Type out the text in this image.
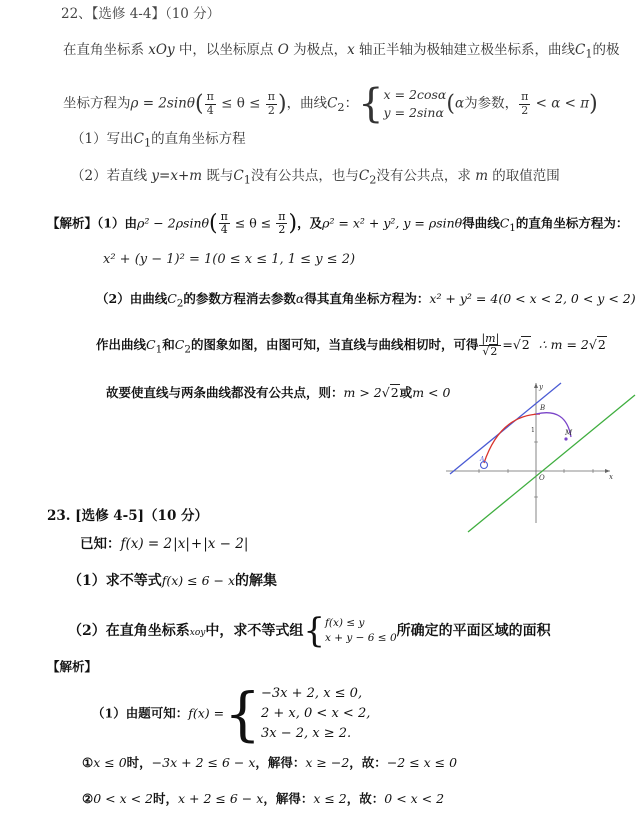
22、【选修 4-4】（10 分）
在直角坐标系 xOy 中，以坐标原点 O 为极点，x 轴正半轴为极轴建立极坐标系，曲线$C_1$的极
坐标方程为$\rho = 2\sin\theta( \frac{\pi}{4} \le \theta \le \frac{\pi}{2}$ )，曲线$C_2$：{ x = 2cosα
y = 2sinα (α为参数， $\frac{\pi}{2} < \alpha < \pi$)
（1）写出$C_1$的直角坐标方程
（2）若直线 y=x+m 既与$C_1$没有公共点，也与$C_2$没有公共点，求 m 的取值范围
【解析】（1）由$\rho^2 - 2\rho\sin\theta( \frac{\pi}{4} \le \theta \le \frac{\pi}{2}$ )，及ρ² = x² + y², y = ρsinθ得曲线$C_1$的直角坐标方程为：
x² + (y − 1)² = 1(0 ≤ x ≤ 1, 1 ≤ y ≤ 2)
（2）由曲线$C_2$的参数方程消去参数α得其直角坐标方程为：x² + y² = 4(0 < x < 2, 0 < y < 2)
作出曲线$C_1$和$C_2$的图象如图，由图可知，当直线与曲线相切时，可得 $\frac{|m|}{√2} =√2$ ∴ m = 2√2
故要使直线与两条曲线都没有公共点，则：m > 2√2或m < 0	y
x
B
M
O
A
1
23. [选修 4-5]（10 分）
已知：f(x) = 2|x|+|x − 2|
（1）求不等式f(x) ≤ 6 − x的解集
（2）在直角坐标系xoy中，求不等式组{ f(x) ≤ y
x + y − 6 ≤ 0 所确定的平面区域的面积
【解析】
（1）由题可知：f(x) ={ −3x + 2, x ≤ 0,
2 + x, 0 < x < 2,
3x − 2, x ≥ 2.
①x ≤ 0时，−3x + 2 ≤ 6 − x，解得：x ≥ −2，故：−2 ≤ x ≤ 0
②0 < x < 2时，x + 2 ≤ 6 − x，解得：x ≤ 2，故：0 < x < 2
